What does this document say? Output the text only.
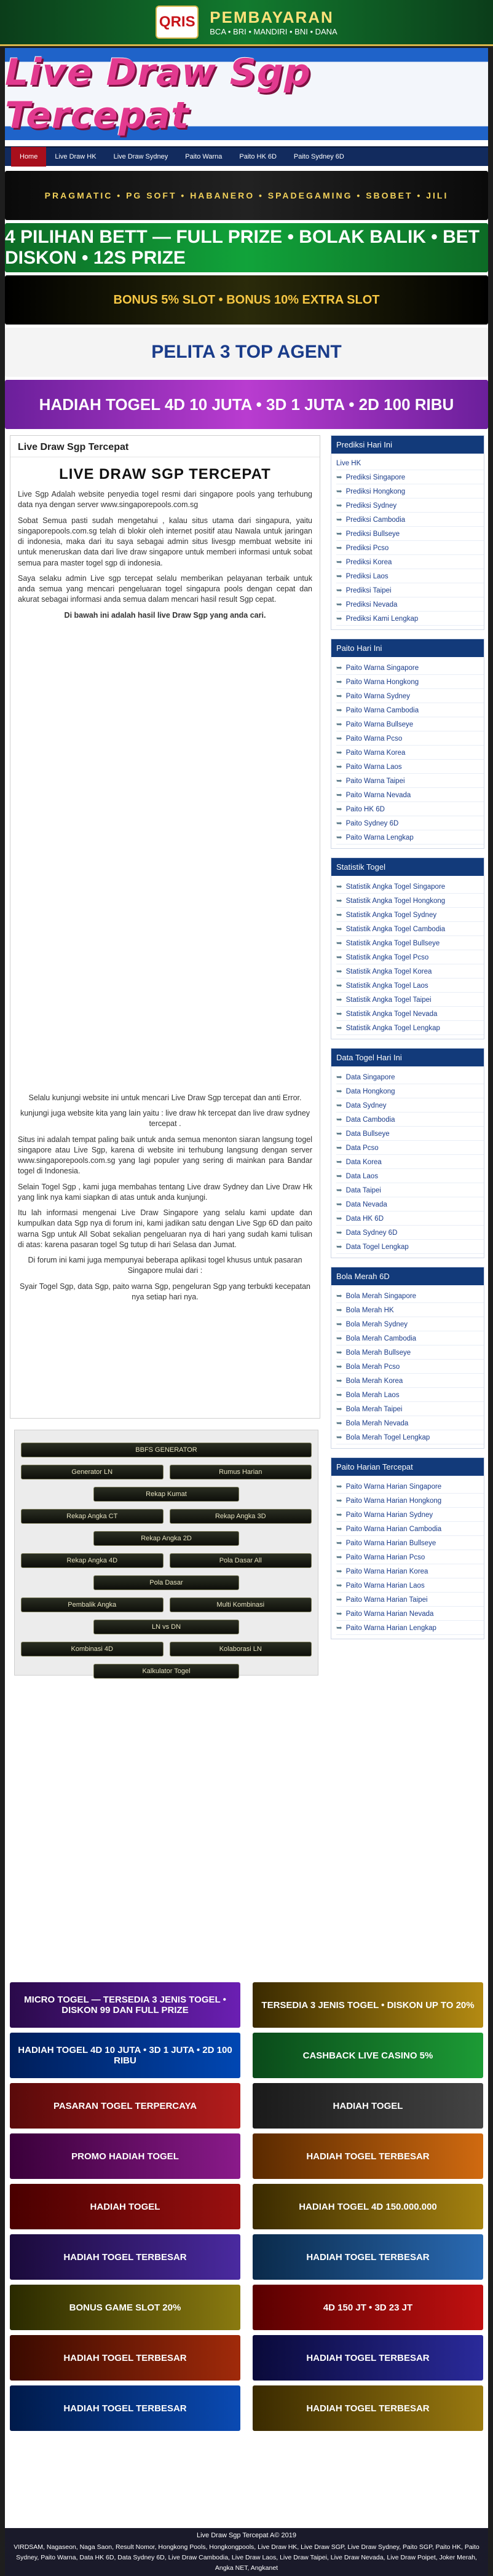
QRIS PEMBAYARAN
BCA • BRI • MANDIRI • BNI • DANA
Live Draw Sgp Tercepat
Home	Live Draw HK	Live Draw Sydney	Paito Warna	Paito HK 6D	Paito Sydney 6D
PRAGMATIC • PG SOFT • HABANERO • SPADEGAMING • SBOBET • JILI
4 PILIHAN BETT — FULL PRIZE • BOLAK BALIK • BET DISKON • 12S PRIZE
BONUS 5% SLOT • BONUS 10% EXTRA SLOT
PELITA 3 TOP AGENT
HADIAH TOGEL 4D 10 JUTA • 3D 1 JUTA • 2D 100 RIBU
Live Draw Sgp Tercepat
LIVE DRAW SGP TERCEPAT

Live Sgp Adalah website penyedia togel resmi dari singapore pools yang terhubung data nya dengan server www.singaporepools.com.sg

Sobat Semua pasti sudah mengetahui , kalau situs utama dari singapura, yaitu singaporepools.com.sg telah di blokir oleh internet positif atau Nawala untuk jaringan di indonesia, maka dari itu saya sebagai admin situs livesgp membuat website ini untuk meneruskan data dari live draw singapore untuk memberi informasi untuk sobat semua para master togel sgp di indonesia.

Saya selaku admin Live sgp tercepat selalu memberikan pelayanan terbaik untuk anda semua yang mencari pengeluaran togel singapura pools dengan cepat dan akurat sebagai informasi anda semua dalam mencari hasil result Sgp cepat.

Di bawah ini adalah hasil live Draw Sgp yang anda cari.

Selalu kunjungi website ini untuk mencari Live Draw Sgp tercepat dan anti Error.

kunjungi juga website kita yang lain yaitu : live draw hk tercepat dan live draw sydney tercepat .

Situs ini adalah tempat paling baik untuk anda semua menonton siaran langsung togel singapore atau Live Sgp, karena di website ini terhubung langsung dengan server www.singaporepools.com.sg yang lagi populer yang sering di mainkan para Bandar togel di Indonesia.

Selain Togel Sgp , kami juga membahas tentang Live draw Sydney dan Live Draw Hk yang link nya kami siapkan di atas untuk anda kunjungi.

Itu lah informasi mengenai Live Draw Singapore yang selalu kami update dan kumpulkan data Sgp nya di forum ini, kami jadikan satu dengan Live Sgp 6D dan paito warna Sgp untuk All Sobat sekalian pengeluaran nya di hari yang sudah kami tulisan di atas: karena pasaran togel Sg tutup di hari Selasa dan Jumat.

Di forum ini kami juga mempunyai beberapa aplikasi togel khusus untuk pasaran Singapore mulai dari :

Syair Togel Sgp, data Sgp, paito warna Sgp, pengeluran Sgp yang terbukti kecepatan nya setiap hari nya.

BBFS GENERATOR
Generator LN	Rumus Harian
Rekap Kumat
Rekap Angka CT	Rekap Angka 3D
Rekap Angka 2D
Rekap Angka 4D	Pola Dasar All
Pola Dasar
Pembalik Angka	Multi Kombinasi
LN vs DN
Kombinasi 4D	Kolaborasi LN
Kalkulator Togel
Prediksi Hari Ini
Live HK
➥ Prediksi Singapore
➥ Prediksi Hongkong
➥ Prediksi Sydney
➥ Prediksi Cambodia
➥ Prediksi Bullseye
➥ Prediksi Pcso
➥ Prediksi Korea
➥ Prediksi Laos
➥ Prediksi Taipei
➥ Prediksi Nevada
➥ Prediksi Kami Lengkap
Paito Hari Ini
➥ Paito Warna Singapore
➥ Paito Warna Hongkong
➥ Paito Warna Sydney
➥ Paito Warna Cambodia
➥ Paito Warna Bullseye
➥ Paito Warna Pcso
➥ Paito Warna Korea
➥ Paito Warna Laos
➥ Paito Warna Taipei
➥ Paito Warna Nevada
➥ Paito HK 6D
➥ Paito Sydney 6D
➥ Paito Warna Lengkap
Statistik Togel
➥ Statistik Angka Togel Singapore
➥ Statistik Angka Togel Hongkong
➥ Statistik Angka Togel Sydney
➥ Statistik Angka Togel Cambodia
➥ Statistik Angka Togel Bullseye
➥ Statistik Angka Togel Pcso
➥ Statistik Angka Togel Korea
➥ Statistik Angka Togel Laos
➥ Statistik Angka Togel Taipei
➥ Statistik Angka Togel Nevada
➥ Statistik Angka Togel Lengkap
Data Togel Hari Ini
➥ Data Singapore
➥ Data Hongkong
➥ Data Sydney
➥ Data Cambodia
➥ Data Bullseye
➥ Data Pcso
➥ Data Korea
➥ Data Laos
➥ Data Taipei
➥ Data Nevada
➥ Data HK 6D
➥ Data Sydney 6D
➥ Data Togel Lengkap
Bola Merah 6D
➥ Bola Merah Singapore
➥ Bola Merah HK
➥ Bola Merah Sydney
➥ Bola Merah Cambodia
➥ Bola Merah Bullseye
➥ Bola Merah Pcso
➥ Bola Merah Korea
➥ Bola Merah Laos
➥ Bola Merah Taipei
➥ Bola Merah Nevada
➥ Bola Merah Togel Lengkap
Paito Harian Tercepat
➥ Paito Warna Harian Singapore
➥ Paito Warna Harian Hongkong
➥ Paito Warna Harian Sydney
➥ Paito Warna Harian Cambodia
➥ Paito Warna Harian Bullseye
➥ Paito Warna Harian Pcso
➥ Paito Warna Harian Korea
➥ Paito Warna Harian Laos
➥ Paito Warna Harian Taipei
➥ Paito Warna Harian Nevada
➥ Paito Warna Harian Lengkap
MICRO TOGEL — TERSEDIA 3 JENIS TOGEL • DISKON 99 DAN FULL PRIZE	TERSEDIA 3 JENIS TOGEL • DISKON UP TO 20%
HADIAH TOGEL 4D 10 JUTA • 3D 1 JUTA • 2D 100 RIBU	CASHBACK LIVE CASINO 5%
PASARAN TOGEL TERPERCAYA	HADIAH TOGEL
PROMO HADIAH TOGEL	HADIAH TOGEL TERBESAR
HADIAH TOGEL	HADIAH TOGEL 4D 150.000.000
HADIAH TOGEL TERBESAR	HADIAH TOGEL TERBESAR
BONUS GAME SLOT 20%	4D 150 JT • 3D 23 JT
HADIAH TOGEL TERBESAR	HADIAH TOGEL TERBESAR
HADIAH TOGEL TERBESAR	HADIAH TOGEL TERBESAR
Live Draw Sgp Tercepat A© 2019
VIRDSAM, Nagaseon, Naga Saon, Result Nomor, Hongkong Pools, Hongkongpools, Live Draw HK, Live Draw SGP, Live Draw Sydney, Paito SGP, Paito HK, Paito Sydney, Paito Warna, Data HK 6D, Data Sydney 6D, Live Draw Cambodia, Live Draw Laos, Live Draw Taipei, Live Draw Nevada, Live Draw Poipet, Joker Merah, Angka NET, Angkanet
